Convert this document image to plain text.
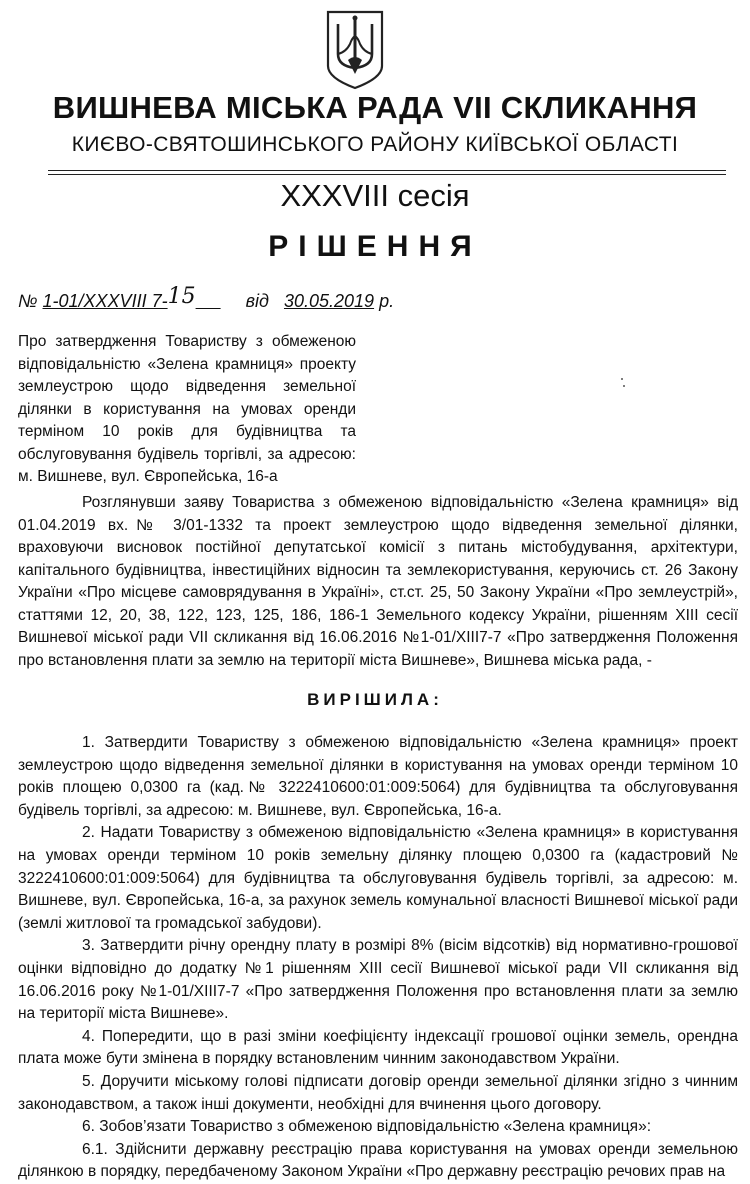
ВИШНЕВА МІСЬКА РАДА VII СКЛИКАННЯ
КИЄВО-СВЯТОШИНСЬКОГО РАЙОНУ КИЇВСЬКОЇ ОБЛАСТІ
XXXVIII сесія
РІШЕННЯ
№ 1-01/XXXVIII 7-15	від 30.05.2019 р.
Про затвердження Товариству з обмеженою відповідальністю «Зелена крамниця» проекту землеустрою щодо відведення земельної ділянки в користування на умовах оренди терміном 10 років для будівництва та обслуговування будівель торгівлі, за адресою: м. Вишневе, вул. Європейська, 16-а
Розглянувши заяву Товариства з обмеженою відповідальністю «Зелена крамниця» від 01.04.2019 вх.№ 3/01-1332 та проект землеустрою щодо відведення земельної ділянки, враховуючи висновок постійної депутатської комісії з питань містобудування, архітектури, капітального будівництва, інвестиційних відносин та землекористування, керуючись ст. 26 Закону України «Про місцеве самоврядування в Україні», ст.ст. 25, 50 Закону України «Про землеустрій», статтями 12, 20, 38, 122, 123, 125, 186, 186-1 Земельного кодексу України, рішенням XIII сесії Вишневої міської ради VII скликання від 16.06.2016 №1-01/XIII7-7 «Про затвердження Положення про встановлення плати за землю на території міста Вишневе», Вишнева міська рада, -
ВИРІШИЛА:

1. Затвердити Товариству з обмеженою відповідальністю «Зелена крамниця» проект землеустрою щодо відведення земельної ділянки в користування на умовах оренди терміном 10 років площею 0,0300 га (кад.№ 3222410600:01:009:5064) для будівництва та обслуговування будівель торгівлі, за адресою: м. Вишневе, вул. Європейська, 16-а.

2. Надати Товариству з обмеженою відповідальністю «Зелена крамниця» в користування на умовах оренди терміном 10 років земельну ділянку площею 0,0300 га (кадастровий № 3222410600:01:009:5064) для будівництва та обслуговування будівель торгівлі, за адресою: м. Вишневе, вул. Європейська, 16-а, за рахунок земель комунальної власності Вишневої міської ради (землі житлової та громадської забудови).

3. Затвердити річну орендну плату в розмірі 8% (вісім відсотків) від нормативно-грошової оцінки відповідно до додатку №1 рішенням XIII сесії Вишневої міської ради VII скликання від 16.06.2016 року №1-01/XIII7-7 «Про затвердження Положення про встановлення плати за землю на території міста Вишневе».

4. Попередити, що в разі зміни коефіцієнту індексації грошової оцінки земель, орендна плата може бути змінена в порядку встановленим чинним законодавством України.

5. Доручити міському голові підписати договір оренди земельної ділянки згідно з чинним законодавством, а також інші документи, необхідні для вчинення цього договору.

6. Зобов’язати Товариство з обмеженою відповідальністю «Зелена крамниця»:

6.1. Здійснити державну реєстрацію права користування на умовах оренди земельною ділянкою в порядку, передбаченому Законом України «Про державну реєстрацію речових прав на
